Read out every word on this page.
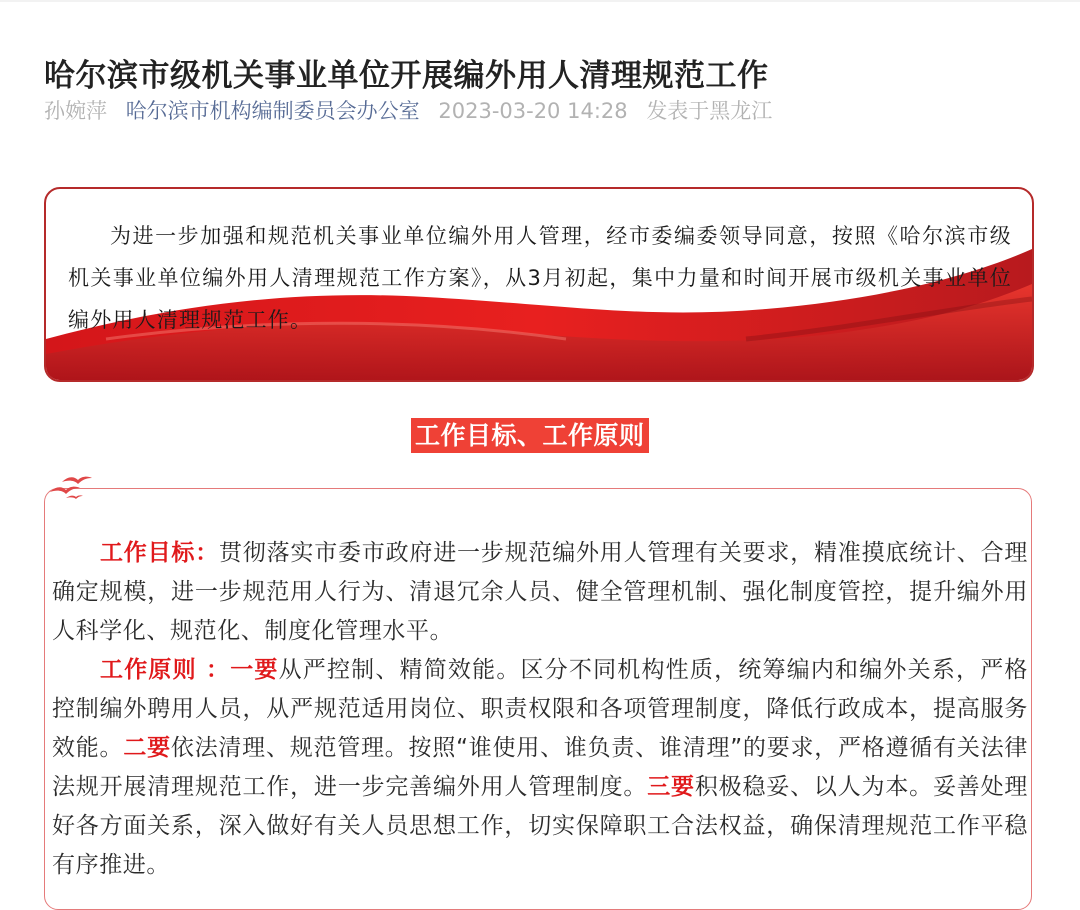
哈尔滨市级机关事业单位开展编外用人清理规范工作
孙婉萍 哈尔滨市机构编制委员会办公室 2023-03-20 14:28 发表于黑龙江
为进一步加强和规范机关事业单位编外用人管理，经市委编委领导同意，按照《哈尔滨市级机关事业单位编外用人清理规范工作方案》，从3月初起，集中力量和时间开展市级机关事业单位编外用人清理规范工作。
工作目标、工作原则

工作目标：贯彻落实市委市政府进一步规范编外用人管理有关要求，精准摸底统计、合理确定规模，进一步规范用人行为、清退冗余人员、健全管理机制、强化制度管控，提升编外用人科学化、规范化、制度化管理水平。

工作原则 ：一要从严控制、精简效能。区分不同机构性质，统筹编内和编外关系，严格控制编外聘用人员，从严规范适用岗位、职责权限和各项管理制度，降低行政成本，提高服务效能。二要依法清理、规范管理。按照“谁使用、谁负责、谁清理”的要求，严格遵循有关法律法规开展清理规范工作，进一步完善编外用人管理制度。三要积极稳妥、以人为本。妥善处理好各方面关系，深入做好有关人员思想工作，切实保障职工合法权益，确保清理规范工作平稳有序推进。
